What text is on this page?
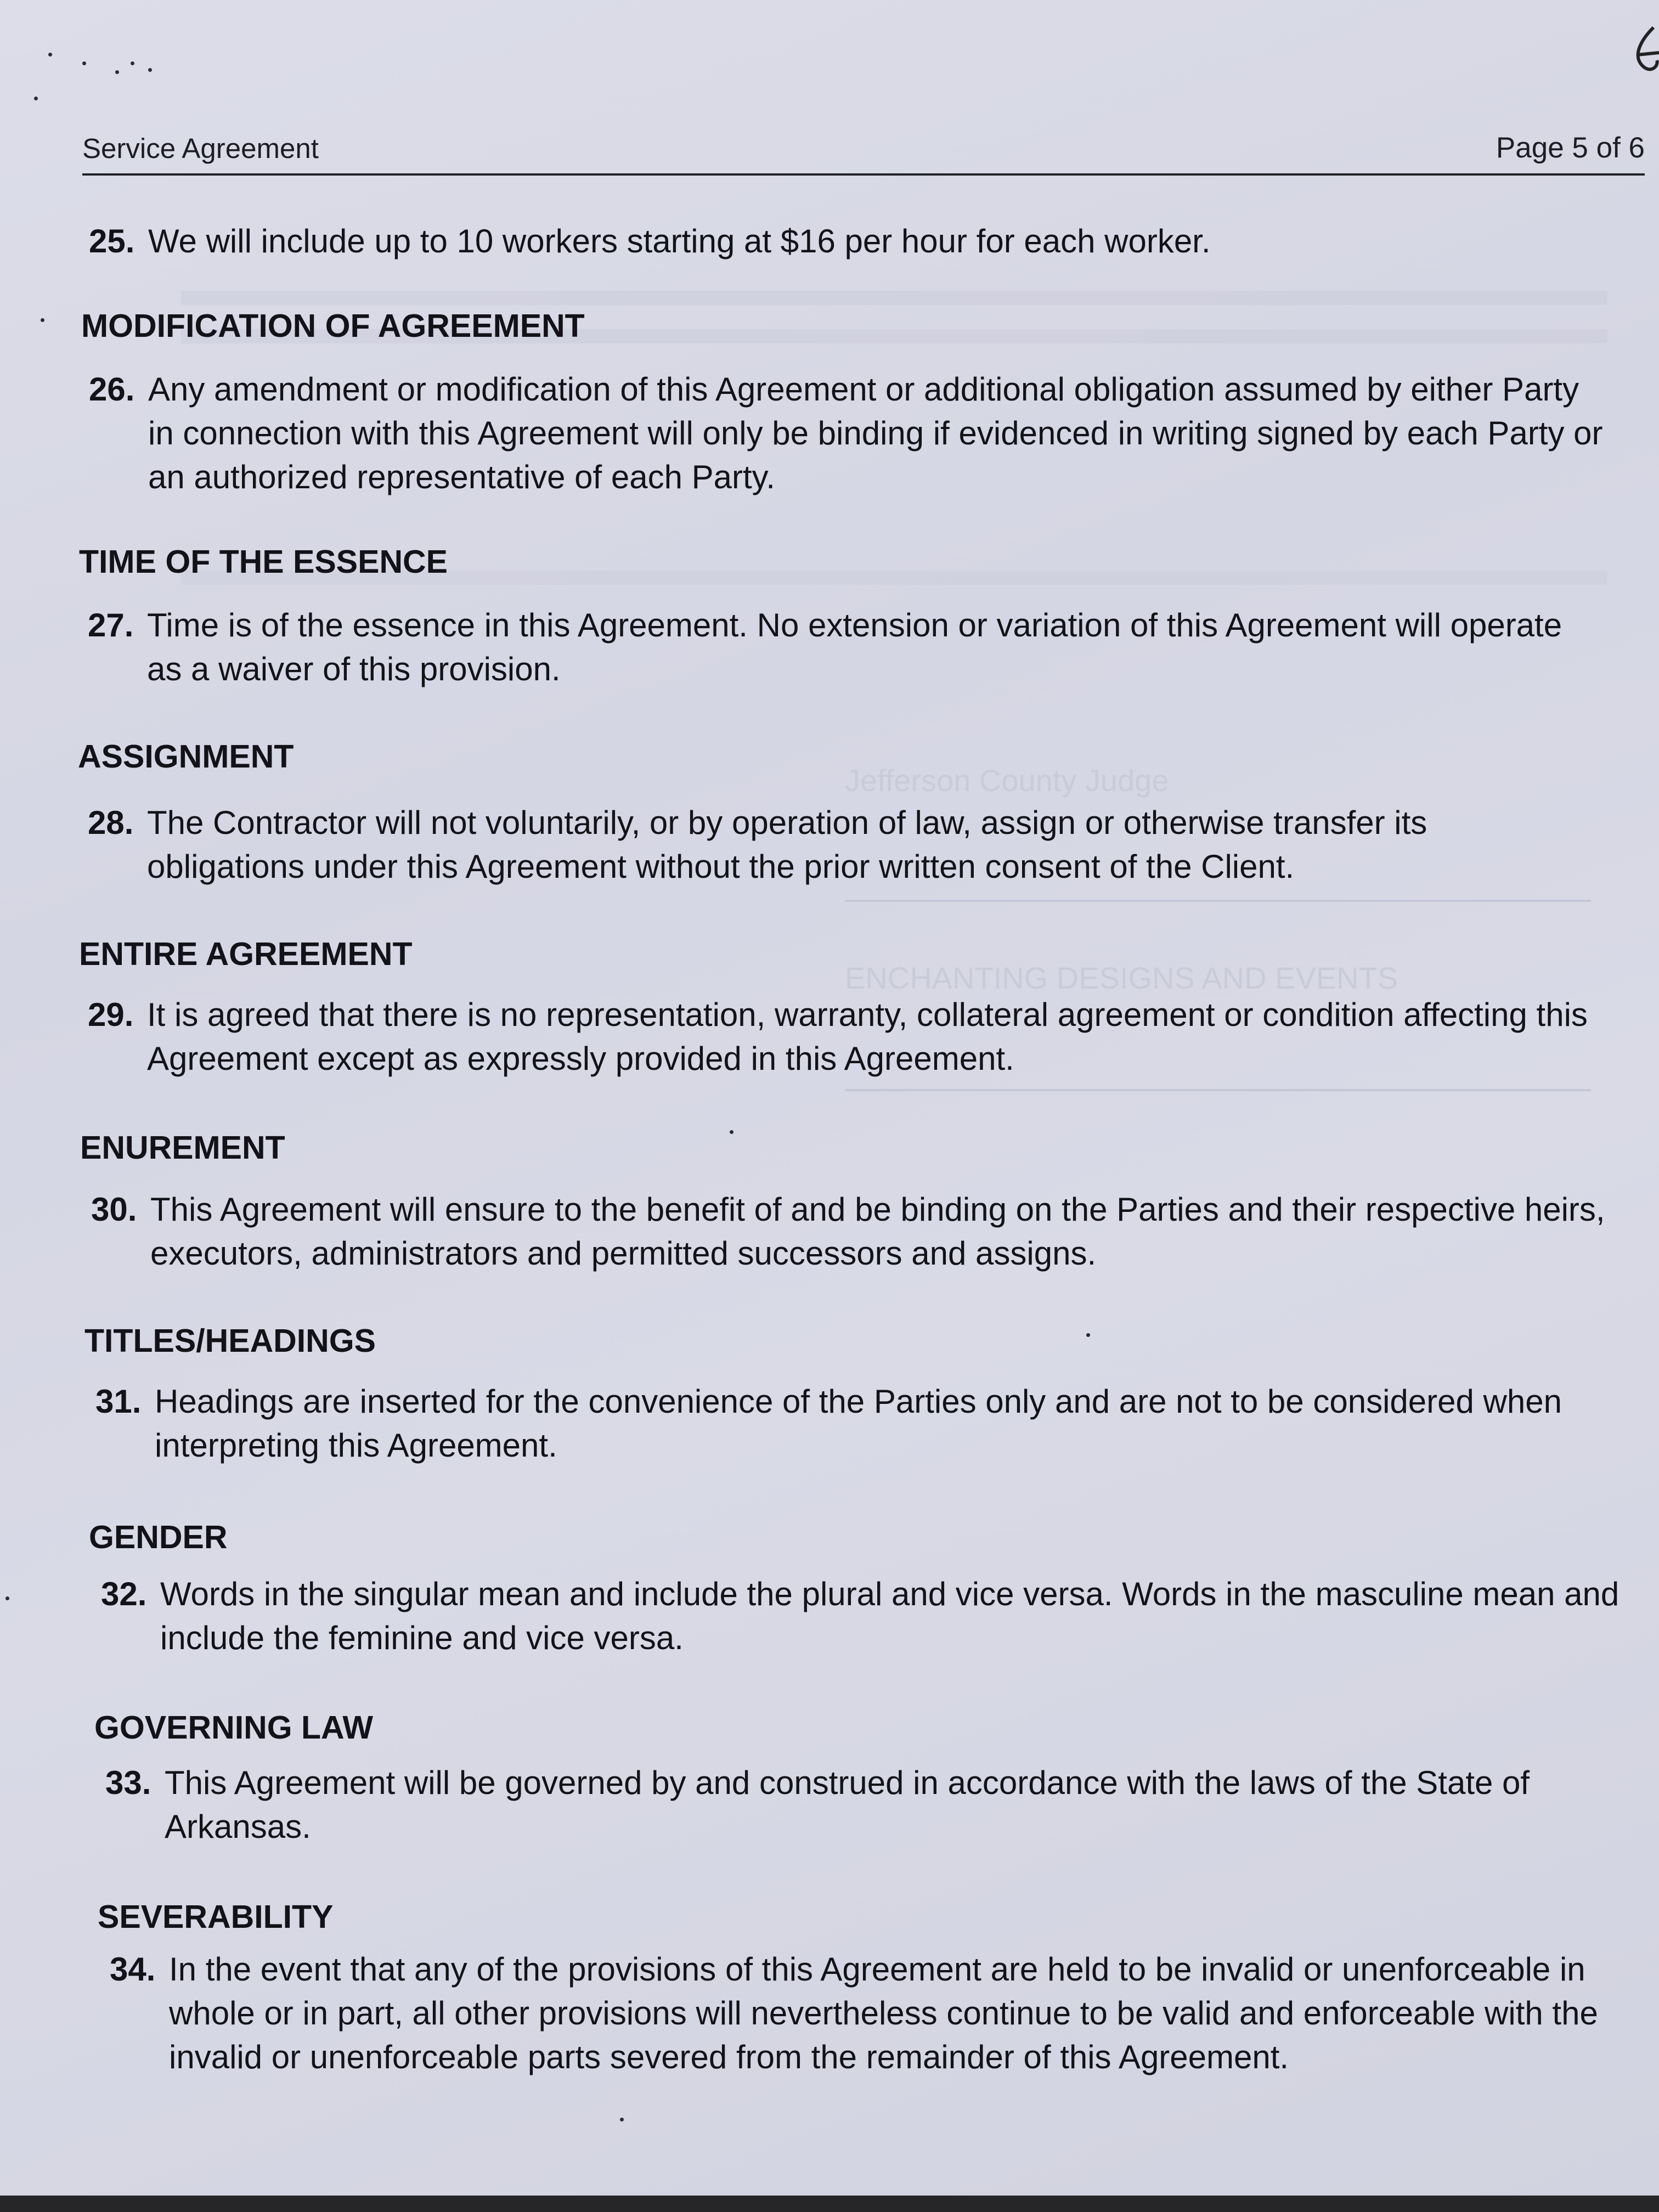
Jefferson County Judge
ENCHANTING DESIGNS AND EVENTS
Service Agreement	Page 5 of 6
25. We will include up to 10 workers starting at $16 per hour for each worker.
MODIFICATION OF AGREEMENT
26. Any amendment or modification of this Agreement or additional obligation assumed by either Party in connection with this Agreement will only be binding if evidenced in writing signed by each Party or an authorized representative of each Party.
TIME OF THE ESSENCE
27. Time is of the essence in this Agreement. No extension or variation of this Agreement will operate as a waiver of this provision.
ASSIGNMENT
28. The Contractor will not voluntarily, or by operation of law, assign or otherwise transfer its obligations under this Agreement without the prior written consent of the Client.
ENTIRE AGREEMENT
29. It is agreed that there is no representation, warranty, collateral agreement or condition affecting this Agreement except as expressly provided in this Agreement.
ENUREMENT
30. This Agreement will ensure to the benefit of and be binding on the Parties and their respective heirs, executors, administrators and permitted successors and assigns.
TITLES/HEADINGS
31. Headings are inserted for the convenience of the Parties only and are not to be considered when interpreting this Agreement.
GENDER
32. Words in the singular mean and include the plural and vice versa. Words in the masculine mean and include the feminine and vice versa.
GOVERNING LAW
33. This Agreement will be governed by and construed in accordance with the laws of the State of Arkansas.
SEVERABILITY
34. In the event that any of the provisions of this Agreement are held to be invalid or unenforceable in whole or in part, all other provisions will nevertheless continue to be valid and enforceable with the invalid or unenforceable parts severed from the remainder of this Agreement.
